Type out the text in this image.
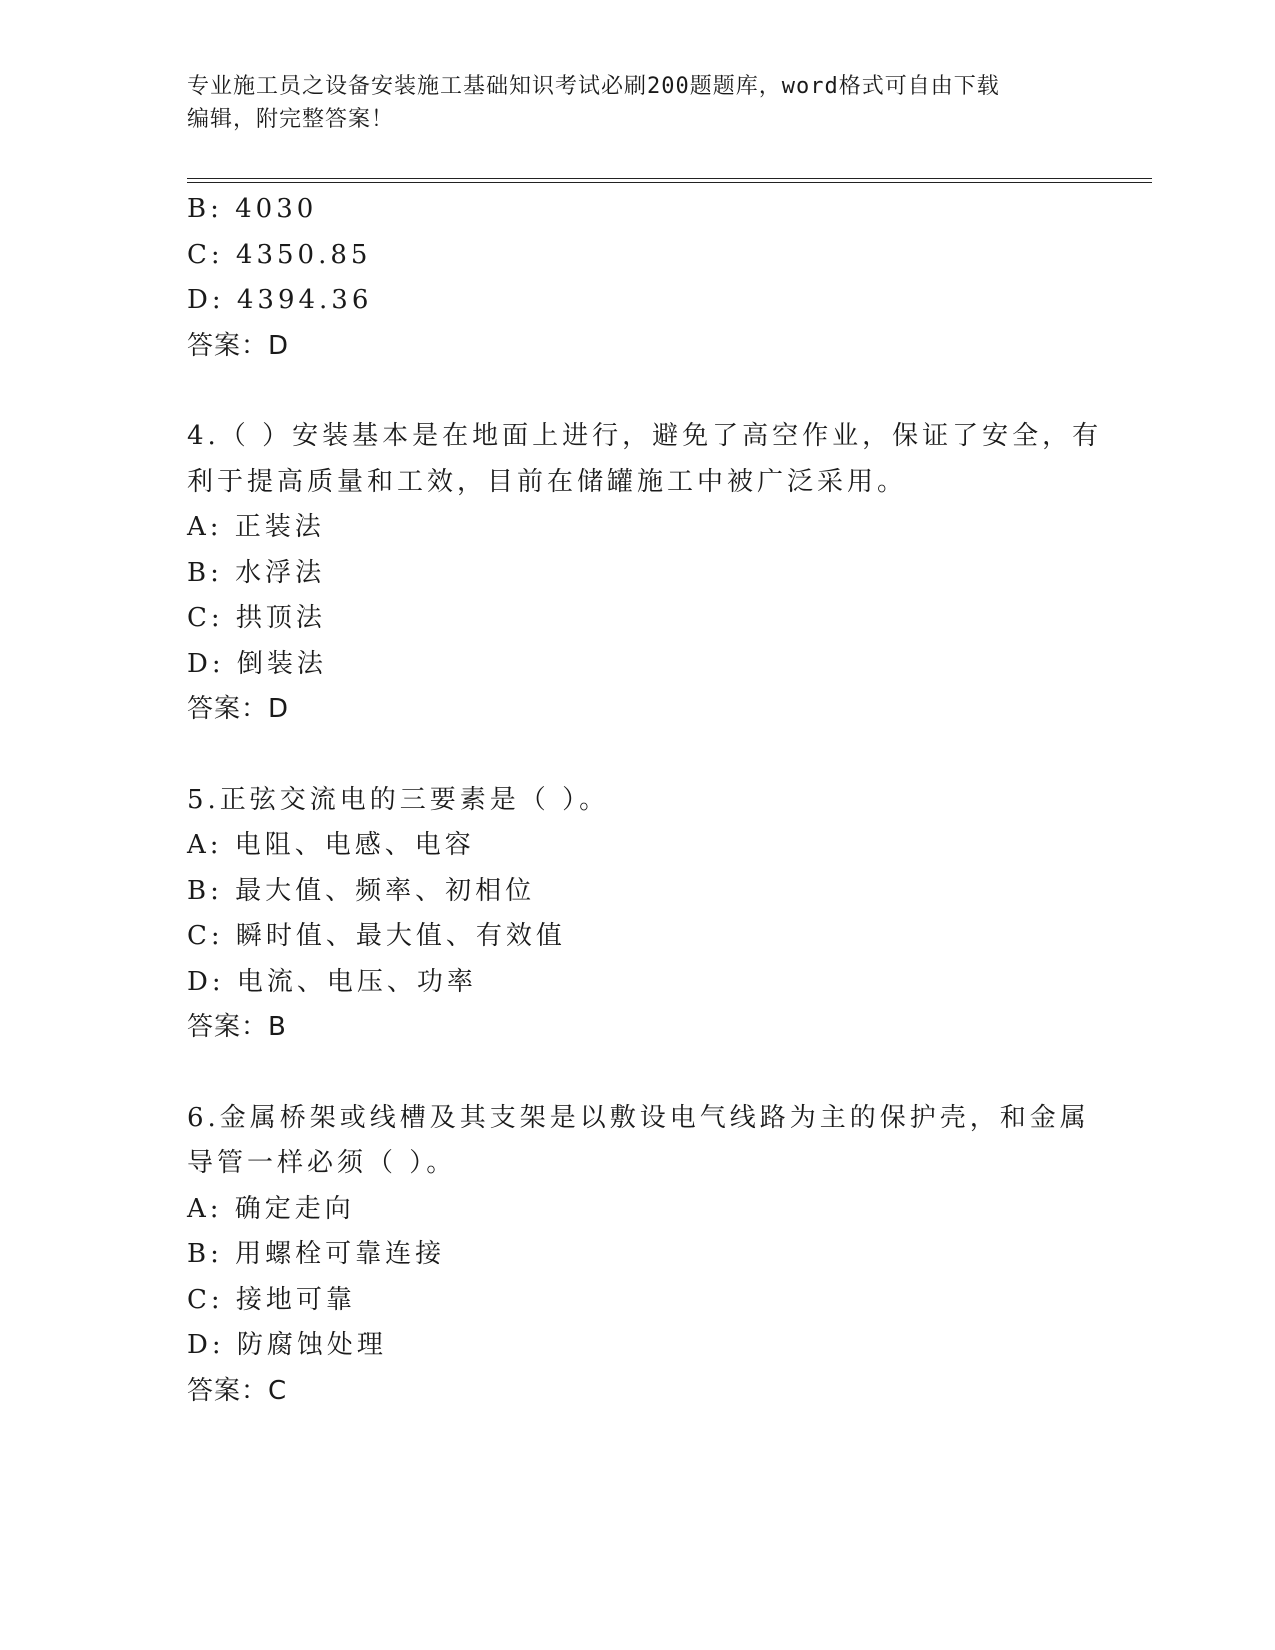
专业施工员之设备安装施工基础知识考试必刷200题题库，word格式可自由下载
编辑，附完整答案！
B: 4030
C: 4350.85
D: 4394.36
答案：D
4.（ ）安装基本是在地面上进行，避免了高空作业，保证了安全，有
利于提高质量和工效，目前在储罐施工中被广泛采用。
A: 正装法
B: 水浮法
C: 拱顶法
D: 倒装法
答案：D
5.正弦交流电的三要素是（ ）。
A: 电阻、电感、电容
B: 最大值、频率、初相位
C: 瞬时值、最大值、有效值
D: 电流、电压、功率
答案：B
6.金属桥架或线槽及其支架是以敷设电气线路为主的保护壳，和金属
导管一样必须（ ）。
A: 确定走向
B: 用螺栓可靠连接
C: 接地可靠
D: 防腐蚀处理
答案：C
